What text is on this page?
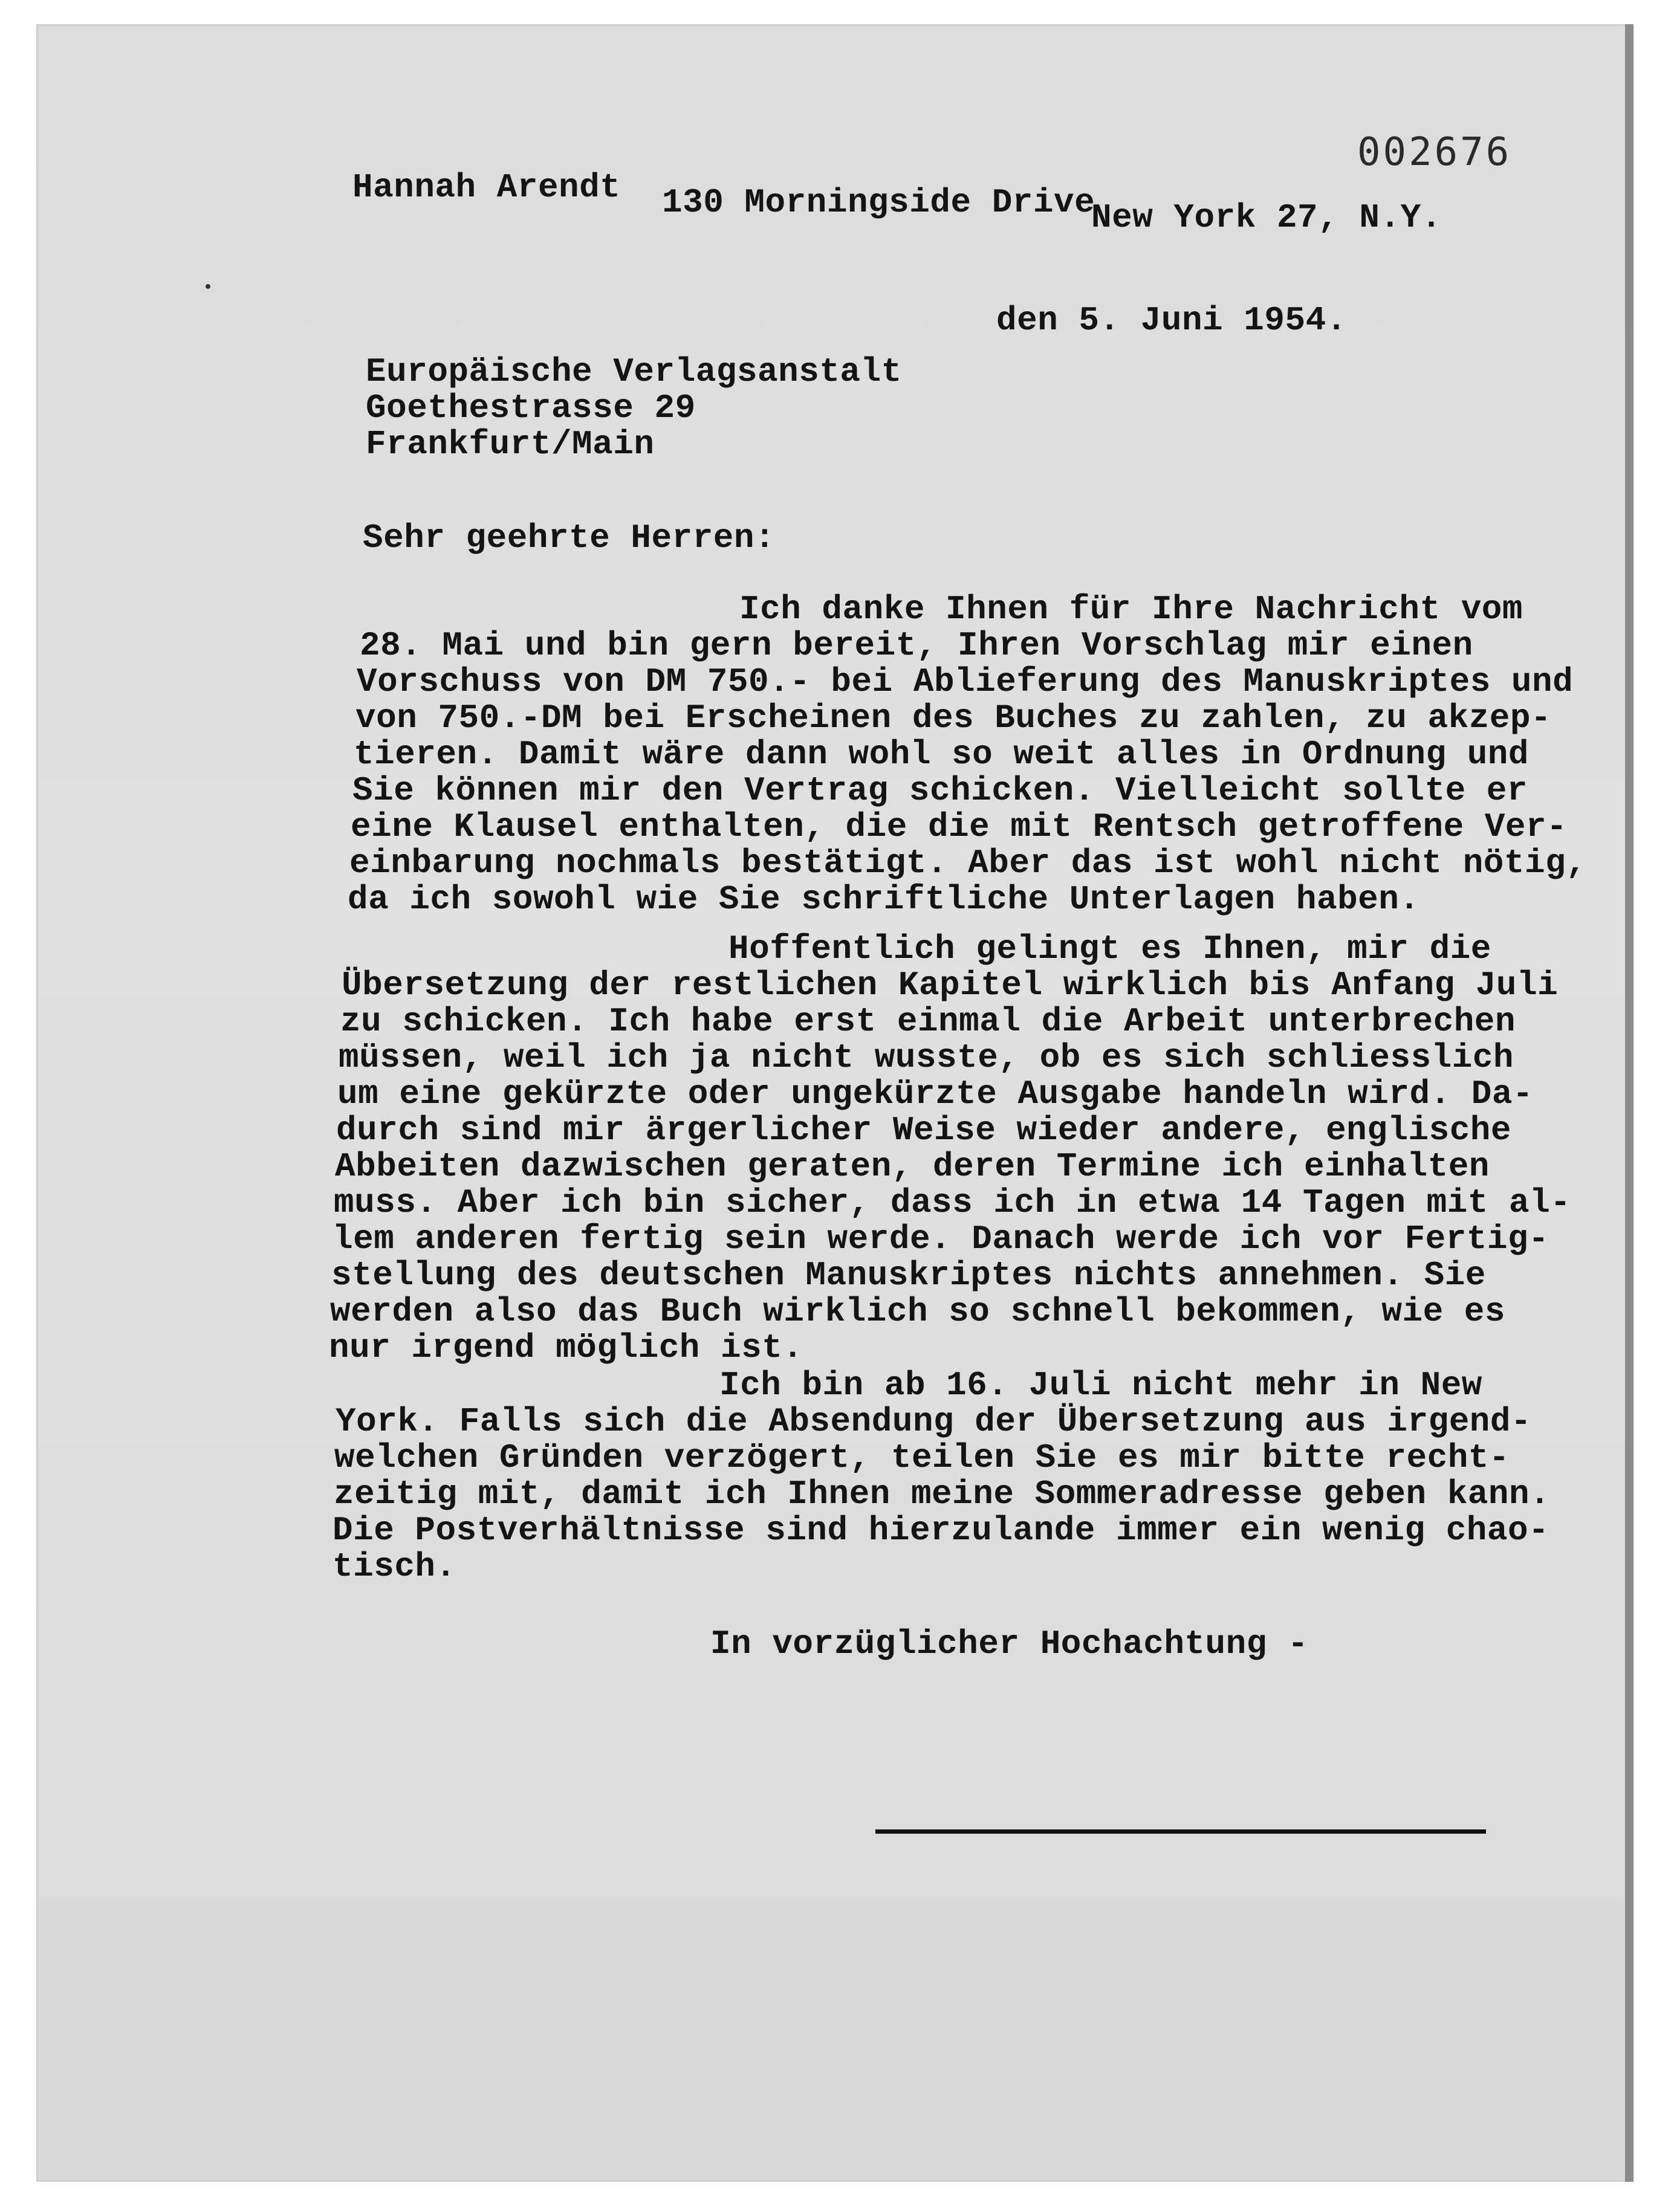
002676
Hannah Arendt 130 Morningside Drive
New York 27, N.Y.
den 5. Juni 1954.
Europäische Verlagsanstalt
Goethestrasse 29
Frankfurt/Main
Sehr geehrte Herren:
Ich danke Ihnen für Ihre Nachricht vom
28. Mai und bin gern bereit, Ihren Vorschlag mir einen
Vorschuss von DM 750.- bei Ablieferung des Manuskriptes und
von 750.-DM bei Erscheinen des Buches zu zahlen, zu akzep-
tieren. Damit wäre dann wohl so weit alles in Ordnung und
Sie können mir den Vertrag schicken. Vielleicht sollte er
eine Klausel enthalten, die die mit Rentsch getroffene Ver-
einbarung nochmals bestätigt. Aber das ist wohl nicht nötig,
da ich sowohl wie Sie schriftliche Unterlagen haben.
Hoffentlich gelingt es Ihnen, mir die
Übersetzung der restlichen Kapitel wirklich bis Anfang Juli
zu schicken. Ich habe erst einmal die Arbeit unterbrechen
müssen, weil ich ja nicht wusste, ob es sich schliesslich
um eine gekürzte oder ungekürzte Ausgabe handeln wird. Da-
durch sind mir ärgerlicher Weise wieder andere, englische
Abbeiten dazwischen geraten, deren Termine ich einhalten
muss. Aber ich bin sicher, dass ich in etwa 14 Tagen mit al-
lem anderen fertig sein werde. Danach werde ich vor Fertig-
stellung des deutschen Manuskriptes nichts annehmen. Sie
werden also das Buch wirklich so schnell bekommen, wie es
nur irgend möglich ist.
Ich bin ab 16. Juli nicht mehr in New
York. Falls sich die Absendung der Übersetzung aus irgend-
welchen Gründen verzögert, teilen Sie es mir bitte recht-
zeitig mit, damit ich Ihnen meine Sommeradresse geben kann.
Die Postverhältnisse sind hierzulande immer ein wenig chao-
tisch.
In vorzüglicher Hochachtung -
